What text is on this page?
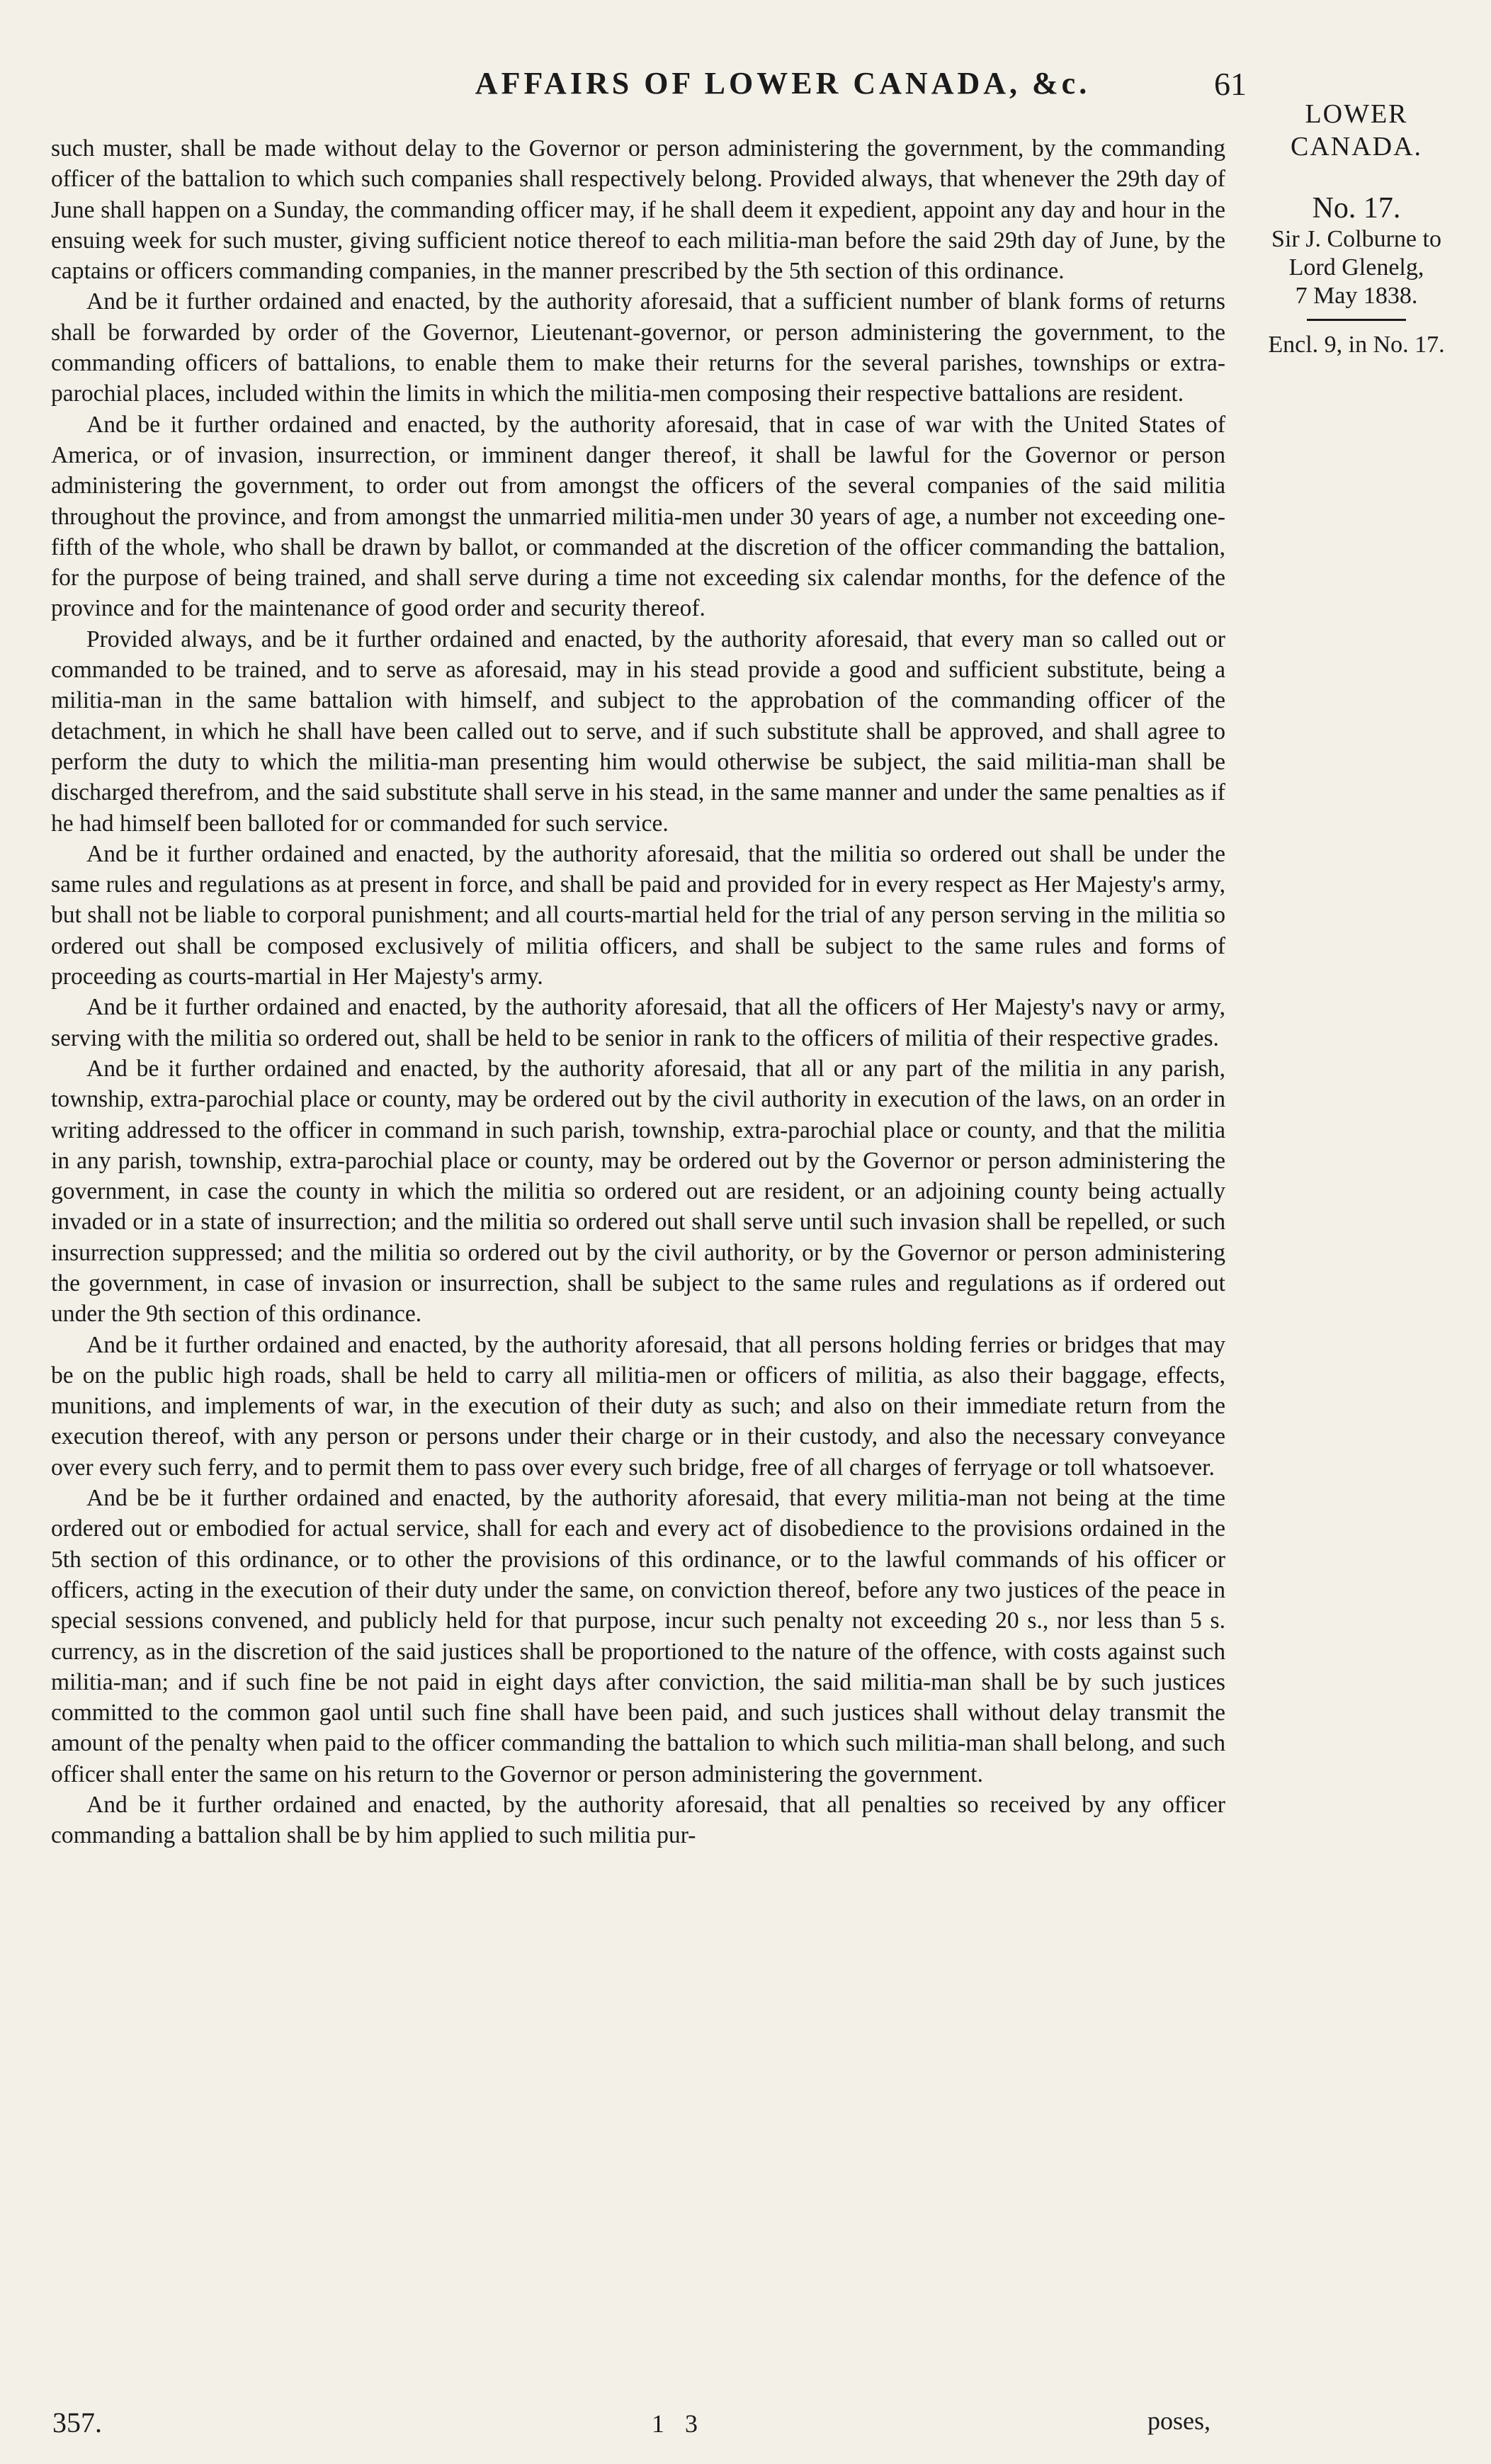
AFFAIRS OF LOWER CANADA, &c.	61
LOWER
CANADA.
No. 17.
Sir J. Colburne to
Lord Glenelg,
7 May 1838.
Encl. 9, in No. 17.

such muster, shall be made without delay to the Governor or person administering the government, by the commanding officer of the battalion to which such companies shall respectively belong. Provided always, that whenever the 29th day of June shall happen on a Sunday, the commanding officer may, if he shall deem it expedient, appoint any day and hour in the ensuing week for such muster, giving sufficient notice thereof to each militia-man before the said 29th day of June, by the captains or officers commanding companies, in the manner prescribed by the 5th section of this ordinance.

And be it further ordained and enacted, by the authority aforesaid, that a sufficient number of blank forms of returns shall be forwarded by order of the Governor, Lieutenant-governor, or person administering the government, to the commanding officers of battalions, to enable them to make their returns for the several parishes, townships or extra-parochial places, included within the limits in which the militia-men composing their respective battalions are resident.

And be it further ordained and enacted, by the authority aforesaid, that in case of war with the United States of America, or of invasion, insurrection, or imminent danger thereof, it shall be lawful for the Governor or person administering the government, to order out from amongst the officers of the several companies of the said militia throughout the province, and from amongst the unmarried militia-men under 30 years of age, a number not exceeding one-fifth of the whole, who shall be drawn by ballot, or commanded at the discretion of the officer commanding the battalion, for the purpose of being trained, and shall serve during a time not exceeding six calendar months, for the defence of the province and for the maintenance of good order and security thereof.

Provided always, and be it further ordained and enacted, by the authority aforesaid, that every man so called out or commanded to be trained, and to serve as aforesaid, may in his stead provide a good and sufficient substitute, being a militia-man in the same battalion with himself, and subject to the approbation of the commanding officer of the detachment, in which he shall have been called out to serve, and if such substitute shall be approved, and shall agree to perform the duty to which the militia-man presenting him would otherwise be subject, the said militia-man shall be discharged therefrom, and the said substitute shall serve in his stead, in the same manner and under the same penalties as if he had himself been balloted for or commanded for such service.

And be it further ordained and enacted, by the authority aforesaid, that the militia so ordered out shall be under the same rules and regulations as at present in force, and shall be paid and provided for in every respect as Her Majesty's army, but shall not be liable to corporal punishment; and all courts-martial held for the trial of any person serving in the militia so ordered out shall be composed exclusively of militia officers, and shall be subject to the same rules and forms of proceeding as courts-martial in Her Majesty's army.

And be it further ordained and enacted, by the authority aforesaid, that all the officers of Her Majesty's navy or army, serving with the militia so ordered out, shall be held to be senior in rank to the officers of militia of their respective grades.

And be it further ordained and enacted, by the authority aforesaid, that all or any part of the militia in any parish, township, extra-parochial place or county, may be ordered out by the civil authority in execution of the laws, on an order in writing addressed to the officer in command in such parish, township, extra-parochial place or county, and that the militia in any parish, township, extra-parochial place or county, may be ordered out by the Governor or person administering the government, in case the county in which the militia so ordered out are resident, or an adjoining county being actually invaded or in a state of insurrection; and the militia so ordered out shall serve until such invasion shall be repelled, or such insurrection suppressed; and the militia so ordered out by the civil authority, or by the Governor or person administering the government, in case of invasion or insurrection, shall be subject to the same rules and regulations as if ordered out under the 9th section of this ordinance.

And be it further ordained and enacted, by the authority aforesaid, that all persons holding ferries or bridges that may be on the public high roads, shall be held to carry all militia-men or officers of militia, as also their baggage, effects, munitions, and implements of war, in the execution of their duty as such; and also on their immediate return from the execution thereof, with any person or persons under their charge or in their custody, and also the necessary conveyance over every such ferry, and to permit them to pass over every such bridge, free of all charges of ferryage or toll whatsoever.

And be be it further ordained and enacted, by the authority aforesaid, that every militia-man not being at the time ordered out or embodied for actual service, shall for each and every act of disobedience to the provisions ordained in the 5th section of this ordinance, or to other the provisions of this ordinance, or to the lawful commands of his officer or officers, acting in the execution of their duty under the same, on conviction thereof, before any two justices of the peace in special sessions convened, and publicly held for that purpose, incur such penalty not exceeding 20 s., nor less than 5 s. currency, as in the discretion of the said justices shall be proportioned to the nature of the offence, with costs against such militia-man; and if such fine be not paid in eight days after conviction, the said militia-man shall be by such justices committed to the common gaol until such fine shall have been paid, and such justices shall without delay transmit the amount of the penalty when paid to the officer commanding the battalion to which such militia-man shall belong, and such officer shall enter the same on his return to the Governor or person administering the government.

And be it further ordained and enacted, by the authority aforesaid, that all penalties so received by any officer commanding a battalion shall be by him applied to such militia pur-

357.	1 3	poses,
